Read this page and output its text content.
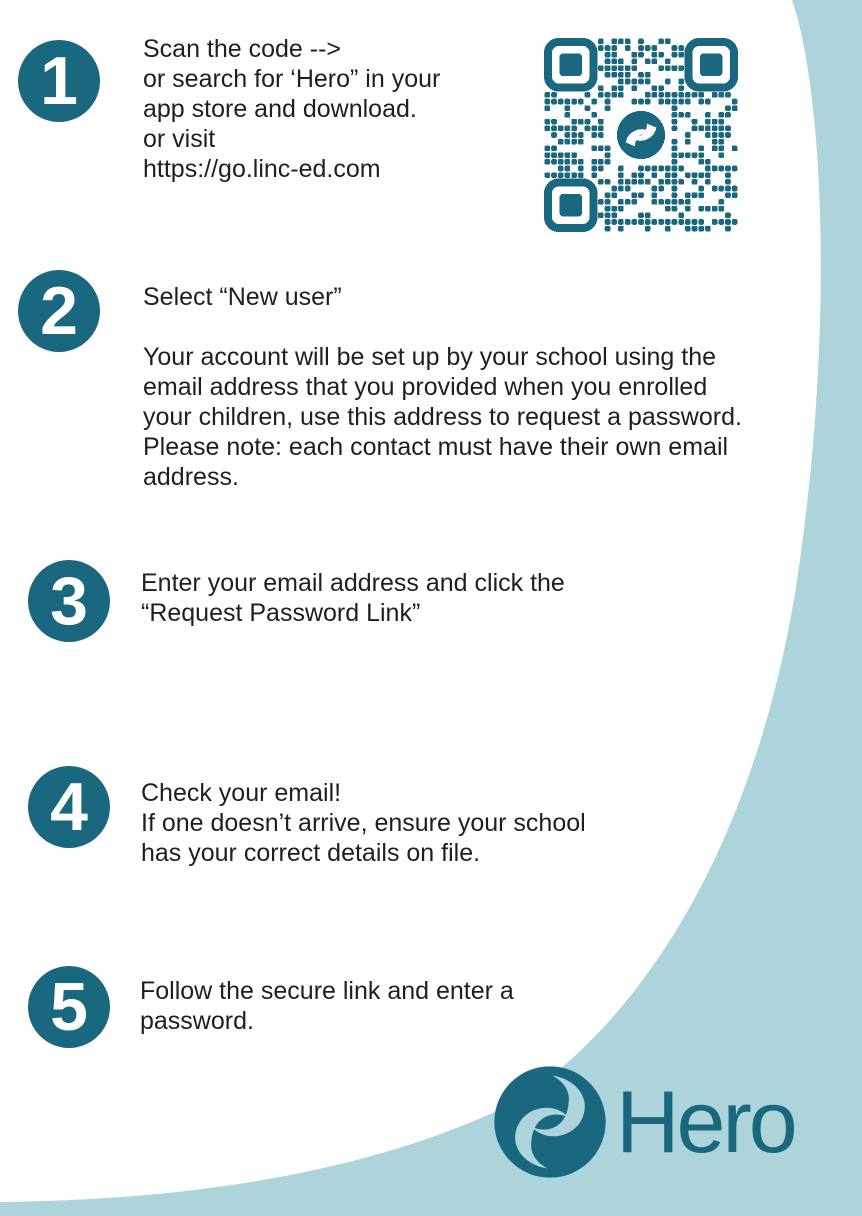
1	Scan the code -->

or search for ‘Hero” in your

app store and download.

or visit

https://go.linc-ed.com

2	Select “New user”

Your account will be set up by your school using the

email address that you provided when you enrolled

your children, use this address to request a password.

Please note: each contact must have their own email

address.

3	Enter your email address and click the

“Request Password Link”

4	Check your email!

If one doesn’t arrive, ensure your school

has your correct details on file.

5	Follow the secure link and enter a

password.

Hero
